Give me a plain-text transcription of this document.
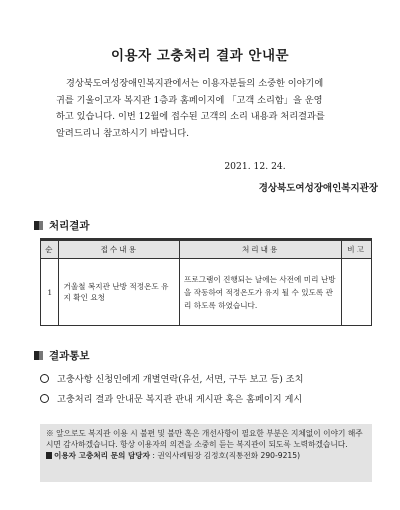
이용자 고충처리 결과 안내문
경상북도여성장애인복지관에서는 이용자분들의 소중한 이야기에
귀를 기울이고자 복지관 1층과 홈페이지에 「고객 소리함」을 운영
하고 있습니다. 이번 12월에 접수된 고객의 소리 내용과 처리결과를
알려드리니 참고하시기 바랍니다.
2021. 12. 24.
경상북도여성장애인복지관장
처리결과
순	접수내용	처리내용	비고
1	거울철 복지관 난방 적정온도 유지 확인 요청	프로그램이 진행되는 날에는 사전에 미리 난방을 작동하여 적정온도가 유지 될 수 있도록 관리 하도록 하였습니다.	
결과통보
고충사항 신청인에게 개별연락(유선, 서면, 구두 보고 등) 조치
고충처리 결과 안내문 복지관 관내 게시판 혹은 홈페이지 게시
※ 앞으로도 복지관 이용 시 불편 및 불만 혹은 개선사항이 필요한 부분은 지체없이 이야기 해주시면 감사하겠습니다. 항상 이용자의 의견을 소중히 듣는 복지관이 되도록 노력하겠습니다.
이용자 고충처리 문의 담당자 : 권익사례팀장 김정호(직통전화 290-9215)
